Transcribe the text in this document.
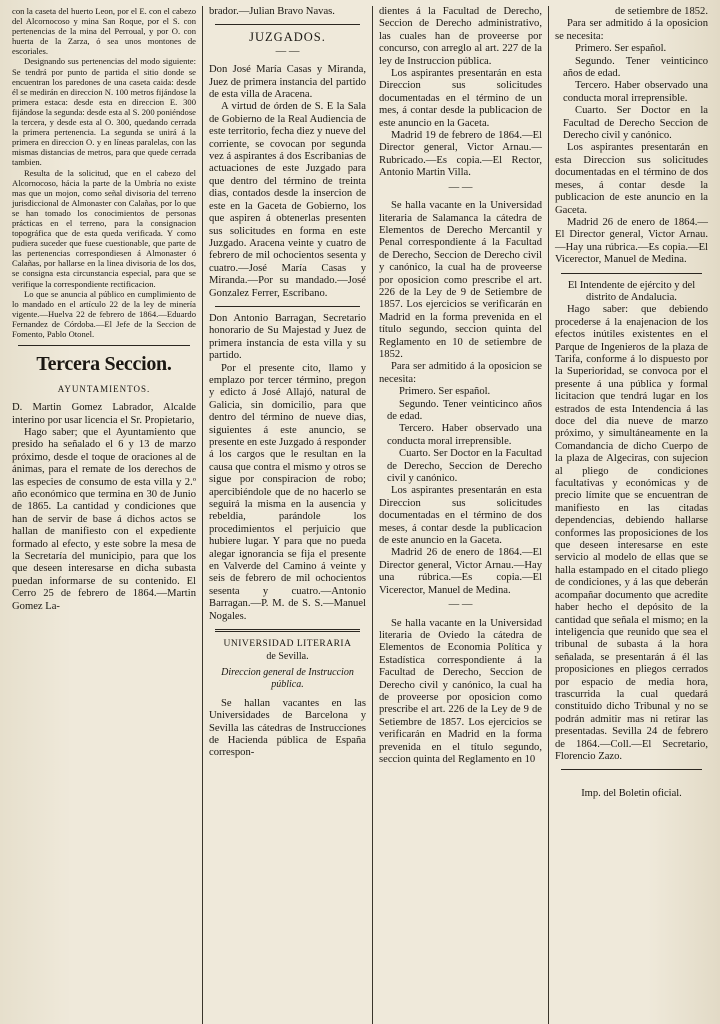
con la caseta del huerto Leon, por el E. con el cabezo del Alcornocoso y mina San Roque, por el S. con pertenencias de la mina del Perroual, y por O. con huerta de la Zarza, ó sea unos montones de escoriales.

Designando sus pertenencias del modo siguiente: Se tendrá por punto de partida el sitio donde se encuentran los paredones de una caseta caida: desde él se medirán en direccion N. 100 metros fijándose la primera estaca: desde esta en direccion E. 300 fijándose la segunda: desde esta al S. 200 poniéndose la tercera, y desde esta al O. 300, quedando cerrada la primera pertenencia. La segunda se unirá á la primera en direccion O. y en líneas paralelas, con las mismas distancias de metros, para que quede cerrada tambien.

Resulta de la solicitud, que en el cabezo del Alcornocoso, hácia la parte de la Umbría no existe mas que un mojon, como señal divisoria del terreno jurisdiccional de Almonaster con Calañas, por lo que se han tomado los conocimientos de personas prácticas en el terreno, para la consignacion topográfica que de esta queda verificada. Y como pudiera suceder que fuese cuestionable, que parte de las pertenencias correspondiesen á Almonaster ó Calañas, por hallarse en la linea divisoria de los dos, se consigna esta circunstancia especial, para que se verifique la correspondiente rectificacion.

Lo que se anuncia al público en cumplimiento de lo mandado en el artículo 22 de la ley de minería vigente.—Huelva 22 de febrero de 1864.—Eduardo Fernandez de Córdoba.—El Jefe de la Seccion de Fomento, Pablo Otonel.

Tercera Seccion.
AYUNTAMIENTOS.

D. Martin Gomez Labrador, Alcalde interino por usar licencia el Sr. Propietario,

Hago saber; que el Ayuntamiento que presido ha señalado el 6 y 13 de marzo próximo, desde el toque de oraciones al de ánimas, para el remate de los derechos de las especies de consumo de esta villa y 2.º año económico que termina en 30 de Junio de 1865. La cantidad y condiciones que han de servir de base á dichos actos se hallan de manifiesto con el expediente formado al efecto, y este sobre la mesa de la Secretaría del municipio, para que los que deseen interesarse en dicha subasta puedan informarse de su contenido. El Cerro 25 de febrero de 1864.—Martin Gomez La-

brador.—Julian Bravo Navas.

JUZGADOS.
— —

Don José María Casas y Miranda, Juez de primera instancia del partido de esta villa de Aracena.

A virtud de órden de S. E la Sala de Gobierno de la Real Audiencia de este territorio, fecha diez y nueve del corriente, se covocan por segunda vez á aspirantes á dos Escribanias de actuaciones de este Juzgado para que dentro del término de treinta dias, contados desde la insercion de este en la Gaceta de Gobierno, los que aspiren á obtenerlas presenten sus solicitudes en forma en este Juzgado. Aracena veinte y cuatro de febrero de mil ochocientos sesenta y cuatro.—José María Casas y Miranda.—Por su mandado.—José Gonzalez Ferrer, Escribano.

Don Antonio Barragan, Secretario honorario de Su Majestad y Juez de primera instancia de esta villa y su partido.

Por el presente cito, llamo y emplazo por tercer término, pregon y edicto á José Allajó, natural de Galicia, sin domicilio, para que dentro del término de nueve dias, siguientes á este anuncio, se presente en este Juzgado á responder á los cargos que le resultan en la causa que contra el mismo y otros se sigue por conspiracion de robo; apercibiéndole que de no hacerlo se seguirá la misma en la ausencia y rebeldia, parándole los procedimientos el perjuicio que hubiere lugar. Y para que no pueda alegar ignorancia se fija el presente en Valverde del Camino á veinte y seis de febrero de mil ochocientos sesenta y cuatro.—Antonio Barragan.—P. M. de S. S.—Manuel Nogales.

UNIVERSIDAD LITERARIA
de Sevilla.
Direccion general de Instruccion pública.

Se hallan vacantes en las Universidades de Barcelona y Sevilla las cátedras de Instrucciones de Hacienda pública de España correspon-

dientes á la Facultad de Derecho, Seccion de Derecho administrativo, las cuales han de proveerse por concurso, con arreglo al art. 227 de la ley de Instruccion pública.

Los aspirantes presentarán en esta Direccion sus solicitudes documentadas en el término de un mes, á contar desde la publicacion de este anuncio en la Gaceta.

Madrid 19 de febrero de 1864.—El Director general, Victor Arnau.—Rubricado.—Es copia.—El Rector, Antonio Martin Villa.

— —

Se halla vacante en la Universidad literaria de Salamanca la cátedra de Elementos de Derecho Mercantil y Penal correspondiente á la Facultad de Derecho, Seccion de Derecho civil y canónico, la cual ha de proveerse por oposicion como prescribe el art. 226 de la Ley de 9 de Setiembre de 1857. Los ejercicios se verificarán en Madrid en la forma prevenida en el título segundo, seccion quinta del Reglamento en 10 de setiembre de 1852.

Para ser admitido á la oposicion se necesita:

Primero. Ser español.

Segundo. Tener veinticinco años de edad.

Tercero. Haber observado una conducta moral irreprensible.

Cuarto. Ser Doctor en la Facultad de Derecho, Seccion de Derecho civil y canónico.

Los aspirantes presentarán en esta Direccion sus solicitudes documentadas en el término de dos meses, á contar desde la publicacion de este anuncio en la Gaceta.

Madrid 26 de enero de 1864.—El Director general, Victor Arnau.—Hay una rúbrica.—Es copia.—El Vicerector, Manuel de Medina.

— —

Se halla vacante en la Universidad literaria de Oviedo la cátedra de Elementos de Economia Política y Estadística correspondiente á la Facultad de Derecho, Seccion de Derecho civil y canónico, la cual ha de proveerse por oposicion como prescribe el art. 226 de la Ley de 9 de Setiembre de 1857. Los ejercicios se verificarán en Madrid en la forma prevenida en el título segundo, seccion quinta del Reglamento en 10

de setiembre de 1852.

Para ser admitido á la oposicion se necesita:

Primero. Ser español.

Segundo. Tener veinticinco años de edad.

Tercero. Haber observado una conducta moral irreprensible.

Cuarto. Ser Doctor en la Facultad de Derecho Seccion de Derecho civil y canónico.

Los aspirantes presentarán en esta Direccion sus solicitudes documentadas en el término de dos meses, á contar desde la publicacion de este anuncio en la Gaceta.

Madrid 26 de enero de 1864.—El Director general, Victor Arnau.—Hay una rúbrica.—Es copia.—El Vicerector, Manuel de Medina.

El Intendente de ejército y del distrito de Andalucia.

Hago saber: que debiendo procederse á la enajenacion de los efectos inútiles existentes en el Parque de Ingenieros de la plaza de Tarifa, conforme á lo dispuesto por la Superioridad, se convoca por el presente á una pública y formal licitacion que tendrá lugar en los estrados de esta Intendencia á las doce del dia nueve de marzo próximo, y simultáneamente en la Comandancia de dicho Cuerpo de la plaza de Algeciras, con sujecion al pliego de condiciones facultativas y económicas y de precio límite que se encuentran de manifiesto en las citadas dependencias, debiendo hallarse conformes las proposiciones de los que deseen interesarse en este servicio al modelo de ellas que se halla estampado en el citado pliego de condiciones, y á las que deberán acompañar documento que acredite haber hecho el depósito de la cantidad que señala el mismo; en la inteligencia que reunido que sea el tribunal de subasta á la hora señalada, se presentarán á él las proposiciones en pliegos cerrados por espacio de media hora, trascurrida la cual quedará constituido dicho Tribunal y no se podrán admitir mas ni retirar las presentadas. Sevilla 24 de febrero de 1864.—Coll.—El Secretario, Florencio Zazo.

Imp. del Boletin oficial.
